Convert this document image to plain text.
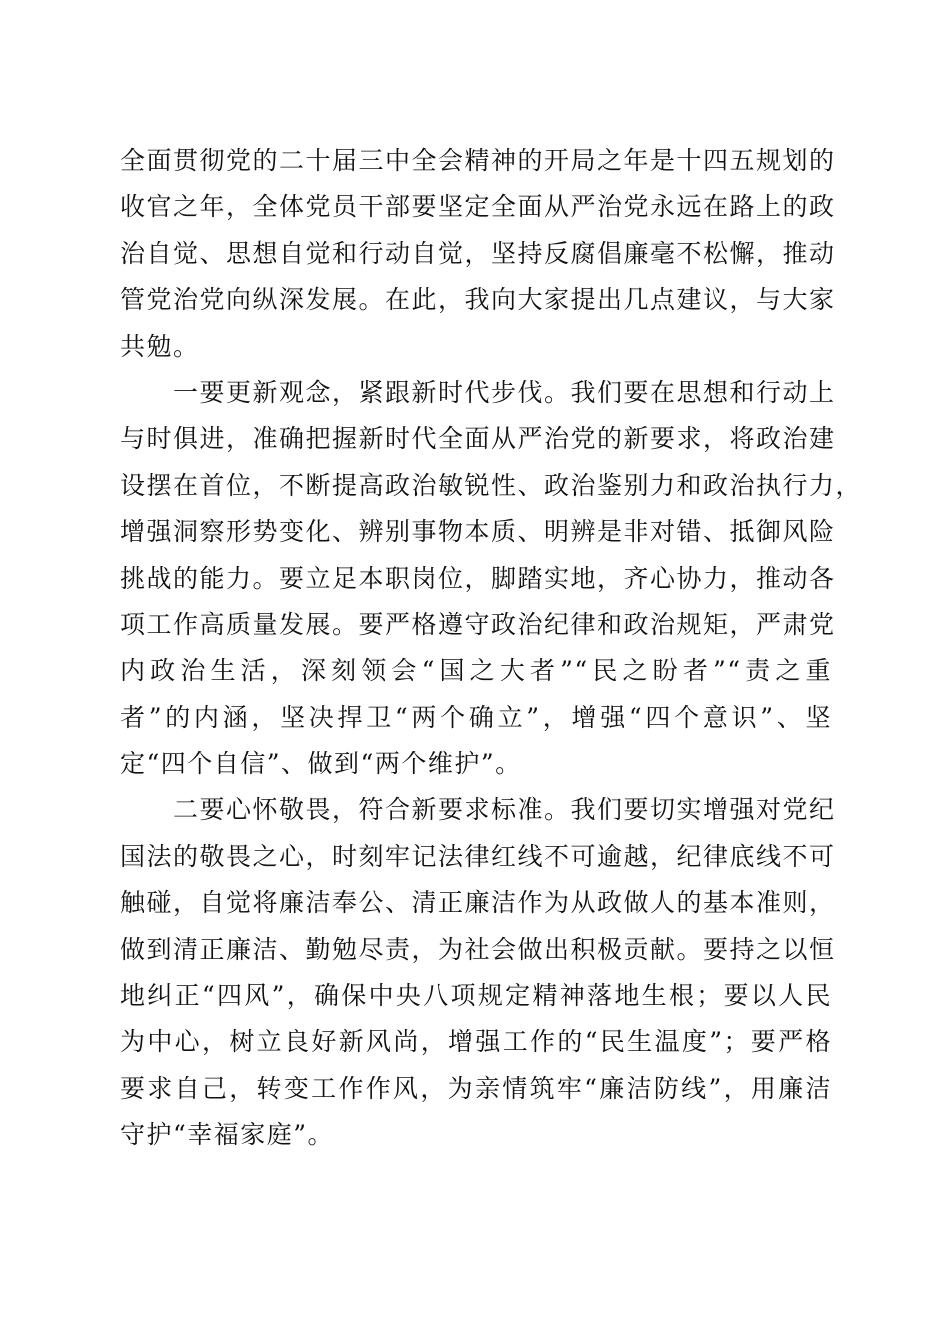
全面贯彻党的二十届三中全会精神的开局之年是十四五规划的
收官之年，全体党员干部要坚定全面从严治党永远在路上的政
治自觉、思想自觉和行动自觉，坚持反腐倡廉毫不松懈，推动
管党治党向纵深发展。在此，我向大家提出几点建议，与大家
共勉。
　　一要更新观念，紧跟新时代步伐。我们要在思想和行动上
与时俱进，准确把握新时代全面从严治党的新要求，将政治建
设摆在首位，不断提高政治敏锐性、政治鉴别力和政治执行力，
增强洞察形势变化、辨别事物本质、明辨是非对错、抵御风险
挑战的能力。要立足本职岗位，脚踏实地，齐心协力，推动各
项工作高质量发展。要严格遵守政治纪律和政治规矩，严肃党
内政治生活，深刻领会“国之大者”“民之盼者”“责之重
者”的内涵，坚决捍卫“两个确立”，增强“四个意识”、坚
定“四个自信”、做到“两个维护”。
　　二要心怀敬畏，符合新要求标准。我们要切实增强对党纪
国法的敬畏之心，时刻牢记法律红线不可逾越，纪律底线不可
触碰，自觉将廉洁奉公、清正廉洁作为从政做人的基本准则，
做到清正廉洁、勤勉尽责，为社会做出积极贡献。要持之以恒
地纠正“四风”，确保中央八项规定精神落地生根；要以人民
为中心，树立良好新风尚，增强工作的“民生温度”；要严格
要求自己，转变工作作风，为亲情筑牢“廉洁防线”，用廉洁
守护“幸福家庭”。
